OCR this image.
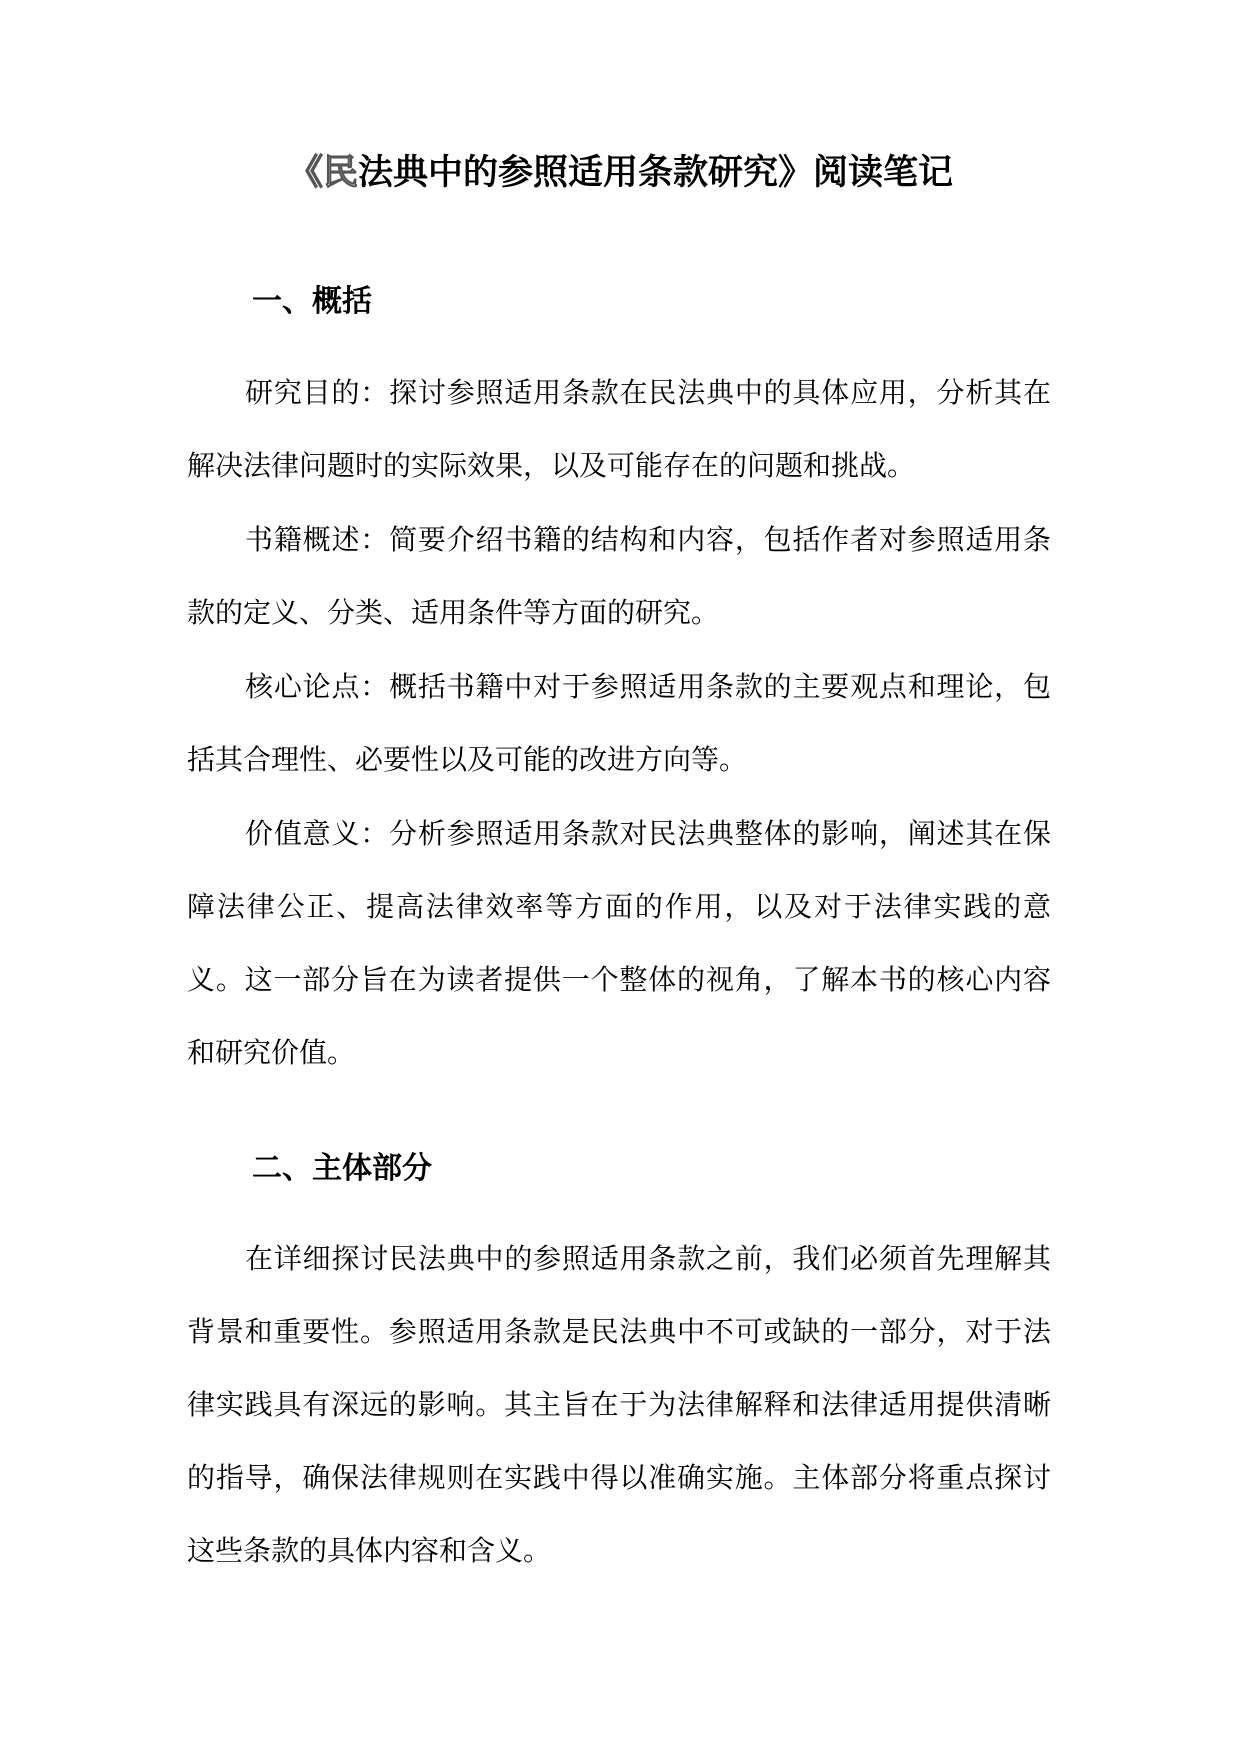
《民法典中的参照适用条款研究》阅读笔记
一、概括

研究目的：探讨参照适用条款在民法典中的具体应用，分析其在解决法律问题时的实际效果，以及可能存在的问题和挑战。

书籍概述：简要介绍书籍的结构和内容，包括作者对参照适用条款的定义、分类、适用条件等方面的研究。

核心论点：概括书籍中对于参照适用条款的主要观点和理论，包括其合理性、必要性以及可能的改进方向等。

价值意义：分析参照适用条款对民法典整体的影响，阐述其在保障法律公正、提高法律效率等方面的作用，以及对于法律实践的意义。这一部分旨在为读者提供一个整体的视角，了解本书的核心内容和研究价值。

二、主体部分

在详细探讨民法典中的参照适用条款之前，我们必须首先理解其背景和重要性。参照适用条款是民法典中不可或缺的一部分，对于法律实践具有深远的影响。其主旨在于为法律解释和法律适用提供清晰的指导，确保法律规则在实践中得以准确实施。主体部分将重点探讨这些条款的具体内容和含义。
